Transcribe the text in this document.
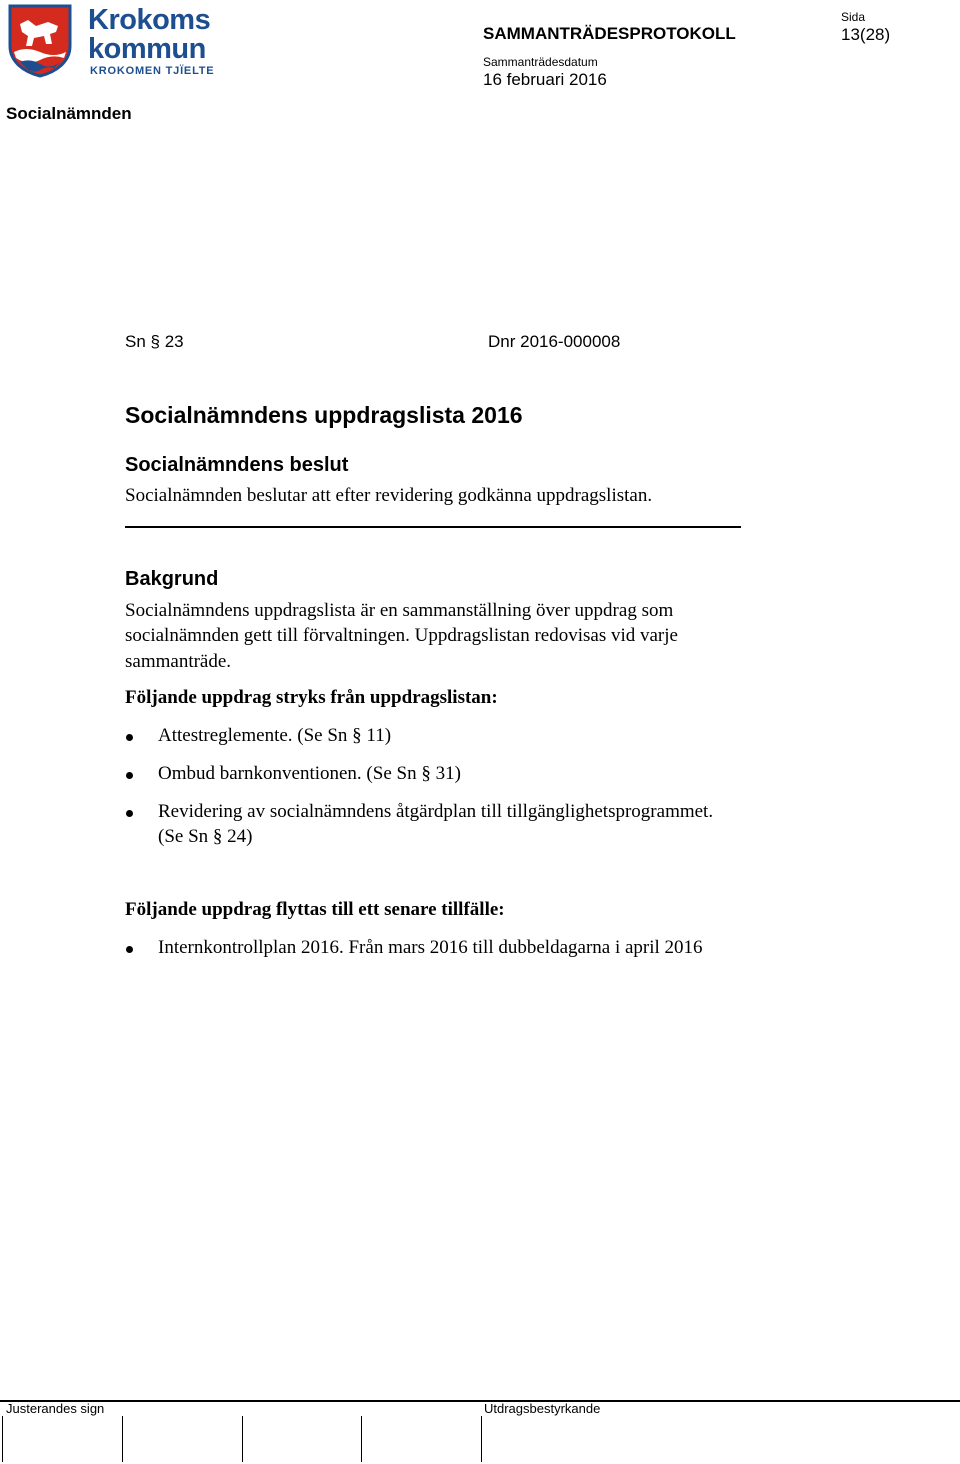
Krokoms
kommun
KROKOMEN TJÏELTE
SAMMANTRÄDESPROTOKOLL
Sammanträdesdatum
16 februari 2016
Sida
13(28)
Socialnämnden
Sn § 23	Dnr 2016-000008
Socialnämndens uppdragslista 2016
Socialnämndens beslut
Socialnämnden beslutar att efter revidering godkänna uppdragslistan.
Bakgrund
Socialnämndens uppdragslista är en sammanställning över uppdrag som
socialnämnden gett till förvaltningen. Uppdragslistan redovisas vid varje
sammanträde.
Följande uppdrag stryks från uppdragslistan:
Attestreglemente. (Se Sn § 11)
Ombud barnkonventionen. (Se Sn § 31)
Revidering av socialnämndens åtgärdplan till tillgänglighetsprogrammet.
(Se Sn § 24)
Följande uppdrag flyttas till ett senare tillfälle:
Internkontrollplan 2016. Från mars 2016 till dubbeldagarna i april 2016
Justerandes sign	Utdragsbestyrkande
